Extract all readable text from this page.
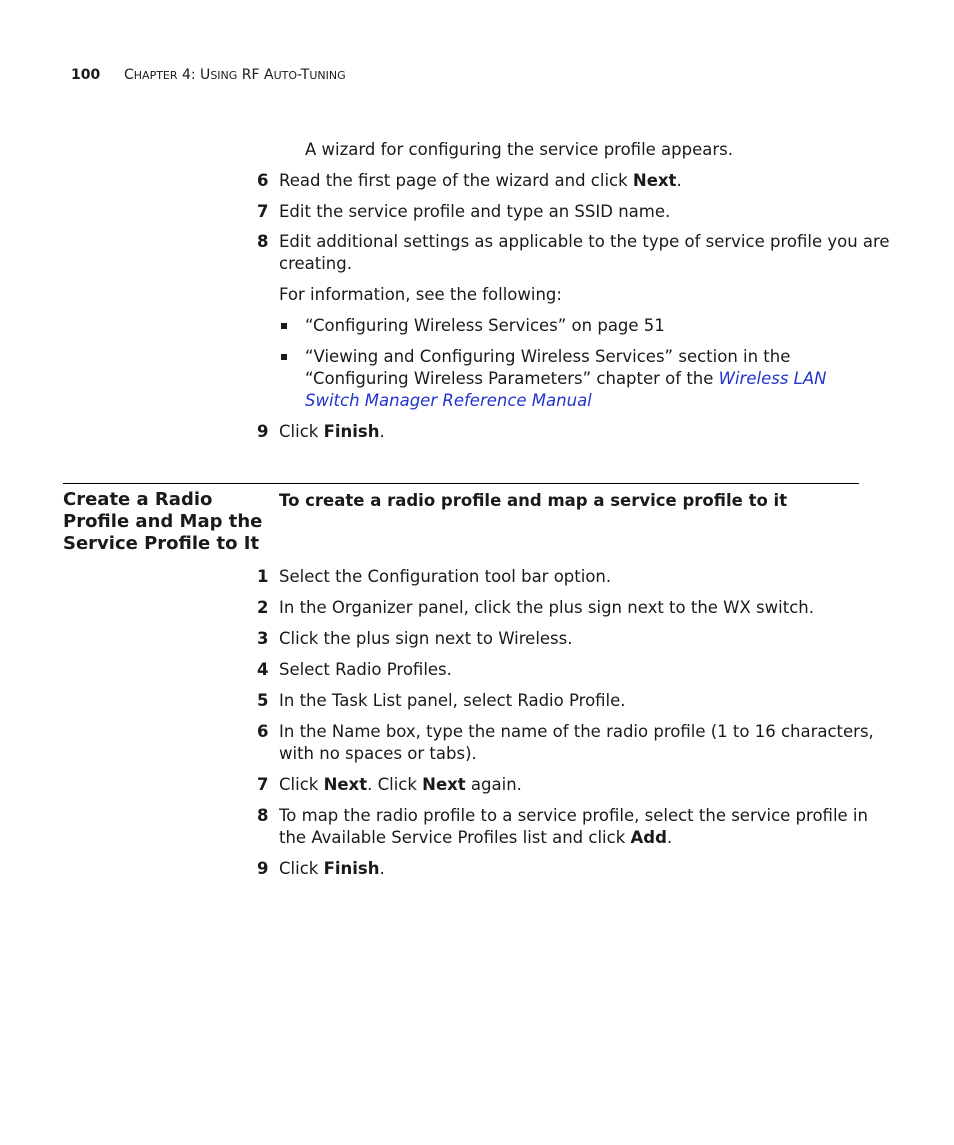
100 CHAPTER 4: USING RF AUTO-TUNING
A wizard for configuring the service profile appears.
6 Read the first page of the wizard and click Next.
7 Edit the service profile and type an SSID name.
8 Edit additional settings as applicable to the type of service profile you are
creating.
For information, see the following:
“Configuring Wireless Services” on page 51
“Viewing and Configuring Wireless Services” section in the
“Configuring Wireless Parameters” chapter of the Wireless LAN
Switch Manager Reference Manual
9 Click Finish.
Create a Radio
Profile and Map the
Service Profile to It
To create a radio profile and map a service profile to it
1 Select the Configuration tool bar option.
2 In the Organizer panel, click the plus sign next to the WX switch.
3 Click the plus sign next to Wireless.
4 Select Radio Profiles.
5 In the Task List panel, select Radio Profile.
6 In the Name box, type the name of the radio profile (1 to 16 characters,
with no spaces or tabs).
7 Click Next. Click Next again.
8 To map the radio profile to a service profile, select the service profile in
the Available Service Profiles list and click Add.
9 Click Finish.
